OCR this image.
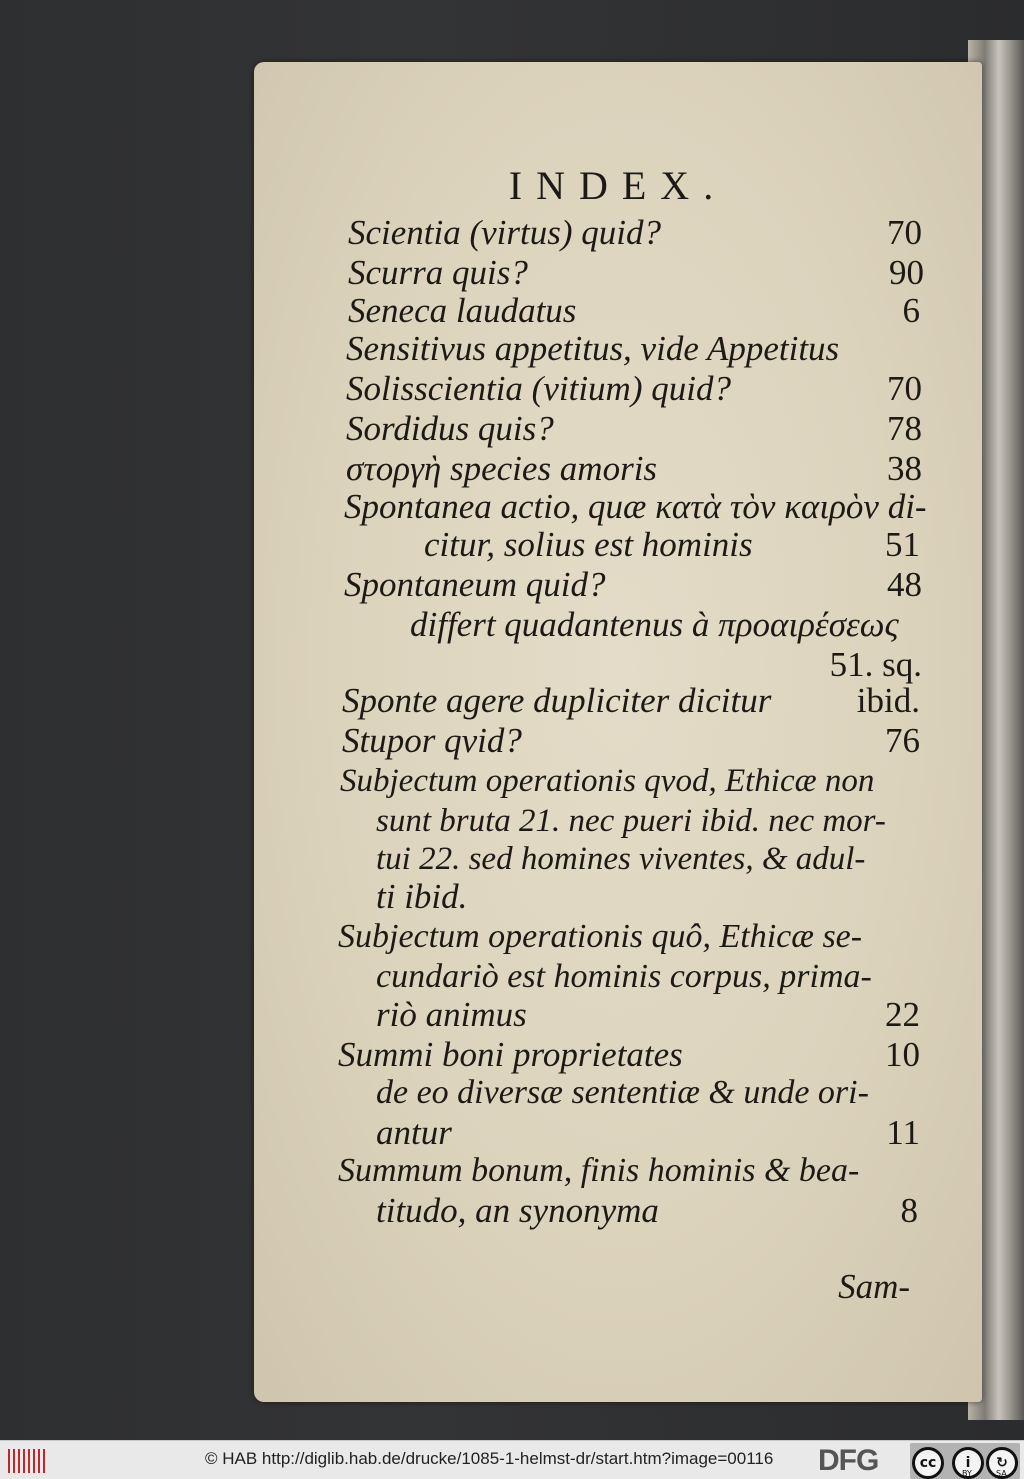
INDEX.
Scientia (virtus) quid?	70
Scurra quis?	90
Seneca laudatus	6
Sensitivus appetitus, vide Appetitus
Solisscientia (vitium) quid?	70
Sordidus quis?	78
στοργὴ species amoris	38
Spontanea actio, quæ κατὰ τὸν καιρὸν di-
citur, solius est hominis	51
Spontaneum quid?	48
differt quadantenus à προαιρέσεως
51. sq.
Sponte agere dupliciter dicitur ibid.
Stupor qvid?	76
Subjectum operationis qvod, Ethicæ non
sunt bruta 21. nec pueri ibid. nec mor-
tui 22. sed homines viventes, & adul-
ti ibid.
Subjectum operationis quô, Ethicæ se-
cundariò est hominis corpus, prima-
riò animus	22
Summi boni proprietates	10
de eo diversæ sententiæ & unde ori-
antur	11
Summum bonum, finis hominis & bea-
titudo, an synonyma	8
Sam-
© HAB http://diglib.hab.de/drucke/1085-1-helmst-dr/start.htm?image=00116 DFG	cc	i	↻
BY	SA
